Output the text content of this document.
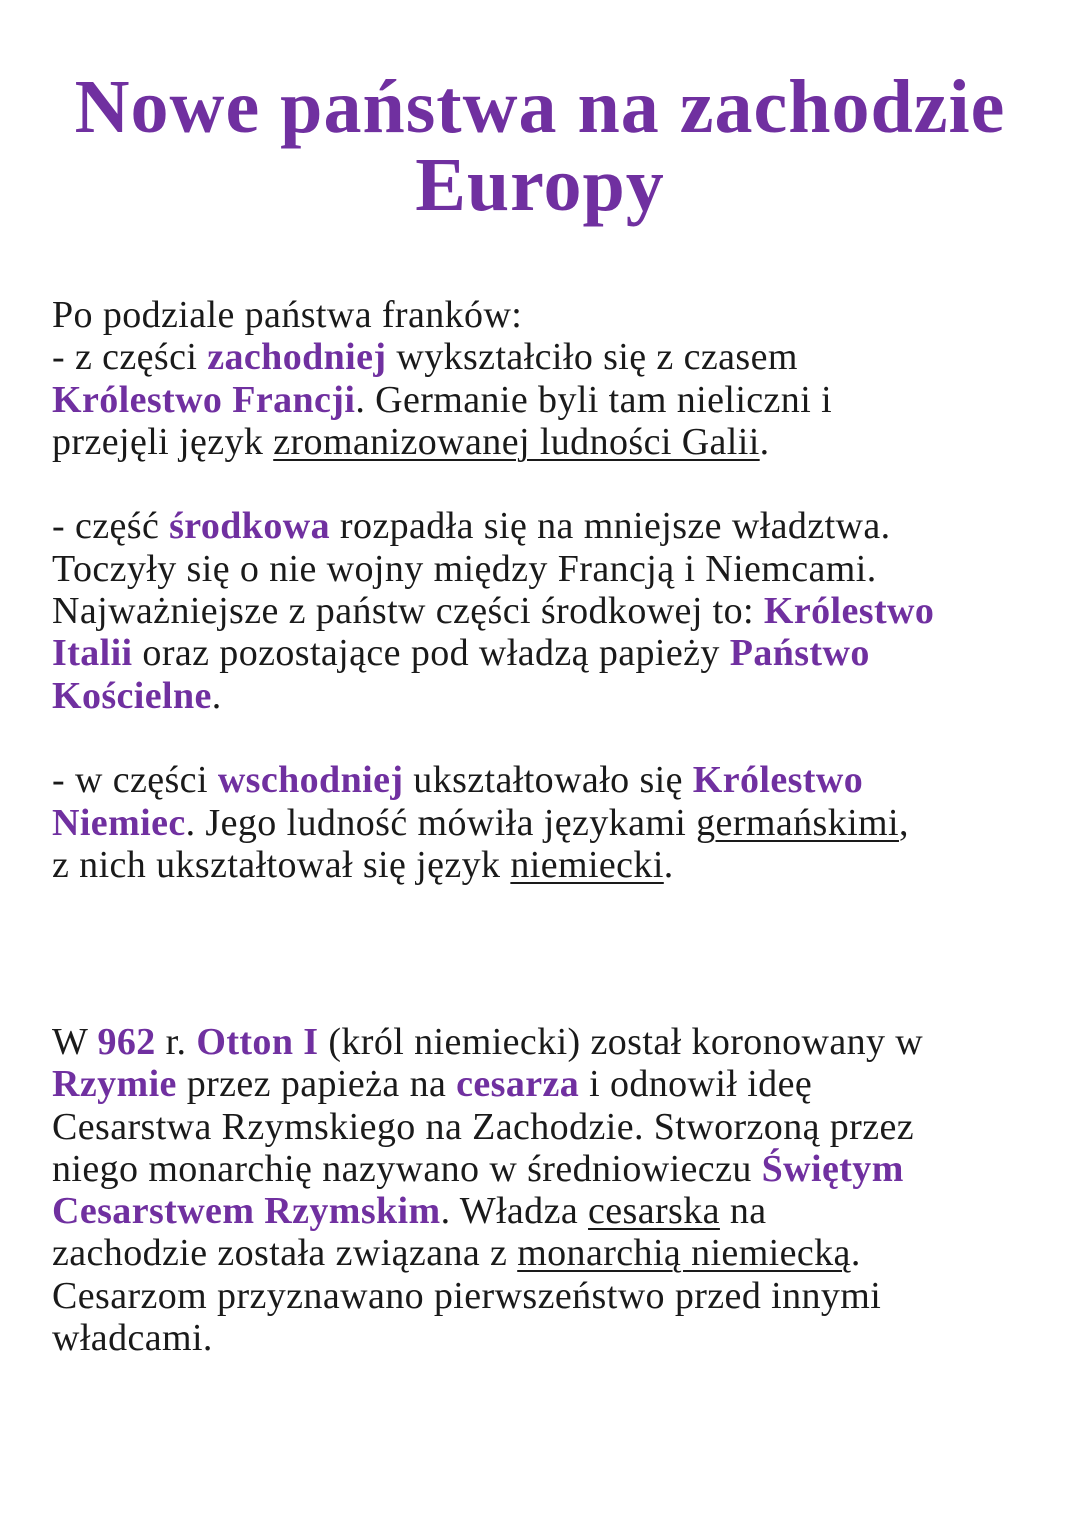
Nowe państwa na zachodzie
Europy
Po podziale państwa franków:
- z części zachodniej wykształciło się z czasem
Królestwo Francji. Germanie byli tam nieliczni i
przejęli język zromanizowanej ludności Galii.
- część środkowa rozpadła się na mniejsze władztwa.
Toczyły się o nie wojny między Francją i Niemcami.
Najważniejsze z państw części środkowej to: Królestwo
Italii oraz pozostające pod władzą papieży Państwo
Kościelne.
- w części wschodniej ukształtowało się Królestwo
Niemiec. Jego ludność mówiła językami germańskimi,
z nich ukształtował się język niemiecki.
W 962 r. Otton I (król niemiecki) został koronowany w
Rzymie przez papieża na cesarza i odnowił ideę
Cesarstwa Rzymskiego na Zachodzie. Stworzoną przez
niego monarchię nazywano w średniowieczu Świętym
Cesarstwem Rzymskim. Władza cesarska na
zachodzie została związana z monarchią niemiecką.
Cesarzom przyznawano pierwszeństwo przed innymi
władcami.
